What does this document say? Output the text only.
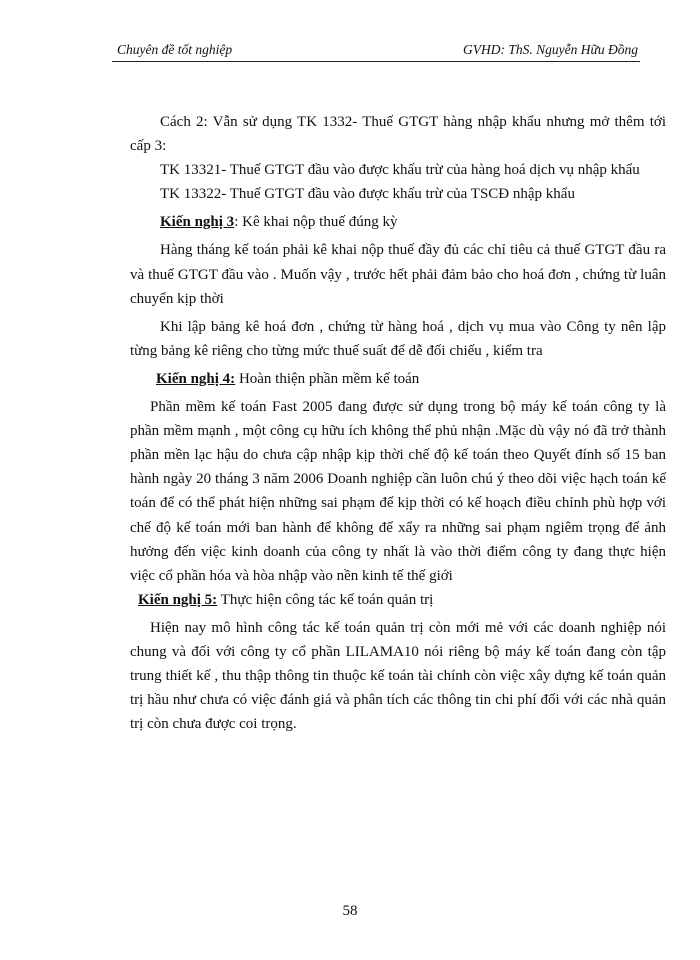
Chuyên đề tốt nghiệp	GVHD: ThS. Nguyễn Hữu Đồng

Cách 2: Vẫn sử dụng TK 1332- Thuế GTGT hàng nhập khẩu nhưng mở thêm tới cấp 3:

TK 13321- Thuế GTGT đầu vào được khấu trừ của hàng hoá dịch vụ nhập khẩu

TK 13322- Thuế GTGT đầu vào được khấu trừ của TSCĐ nhập khẩu

Kiến nghị 3: Kê khai nộp thuế đúng kỳ

Hàng tháng kế toán phải kê khai nộp thuế đầy đủ các chỉ tiêu cả thuế GTGT đầu ra và thuế GTGT đầu vào . Muốn vậy , trước hết phải đảm bảo cho hoá đơn , chứng từ luân chuyển kịp thời

Khi lập bảng kê hoá đơn , chứng từ hàng hoá , dịch vụ mua vào Công ty nên lập từng bảng kê riêng cho từng mức thuế suất để dễ đối chiếu , kiểm tra

Kiến nghị 4: Hoàn thiện phần mềm kế toán

Phần mềm kế toán Fast 2005 đang được sử dụng trong bộ máy kế toán công ty là phần mềm mạnh , một công cụ hữu ích không thể phủ nhận .Mặc dù vậy nó đã trở thành phần mền lạc hậu do chưa cập nhập kịp thời chế độ kế toán theo Quyết đính số 15 ban hành ngày 20 tháng 3 năm 2006 Doanh nghiệp cần luôn chú ý theo dõi việc hạch toán kế toán để có thể phát hiện những sai phạm để kịp thời có kế hoạch điều chỉnh phù hợp với chế độ kế toán mới ban hành để không để xẩy ra những sai phạm ngiêm trọng để ảnh hưởng đến việc kinh doanh của công ty nhất là vào thời điểm công ty đang thực hiện việc cổ phần hóa và hòa nhập vào nền kinh tế thế giới

Kiến nghị 5: Thực hiện công tác kế toán quản trị

Hiện nay mô hình công tác kế toán quản trị còn mới mẻ với các doanh nghiệp nói chung và đối với công ty cổ phần LILAMA10 nói riêng bộ máy kế toán đang còn tập trung thiết kế , thu thập thông tin thuộc kế toán tài chính còn việc xây dựng kế toán quản trị hầu như chưa có việc đánh giá và phân tích các thông tin chi phí đối với các nhà quản trị còn chưa được coi trọng.

58
